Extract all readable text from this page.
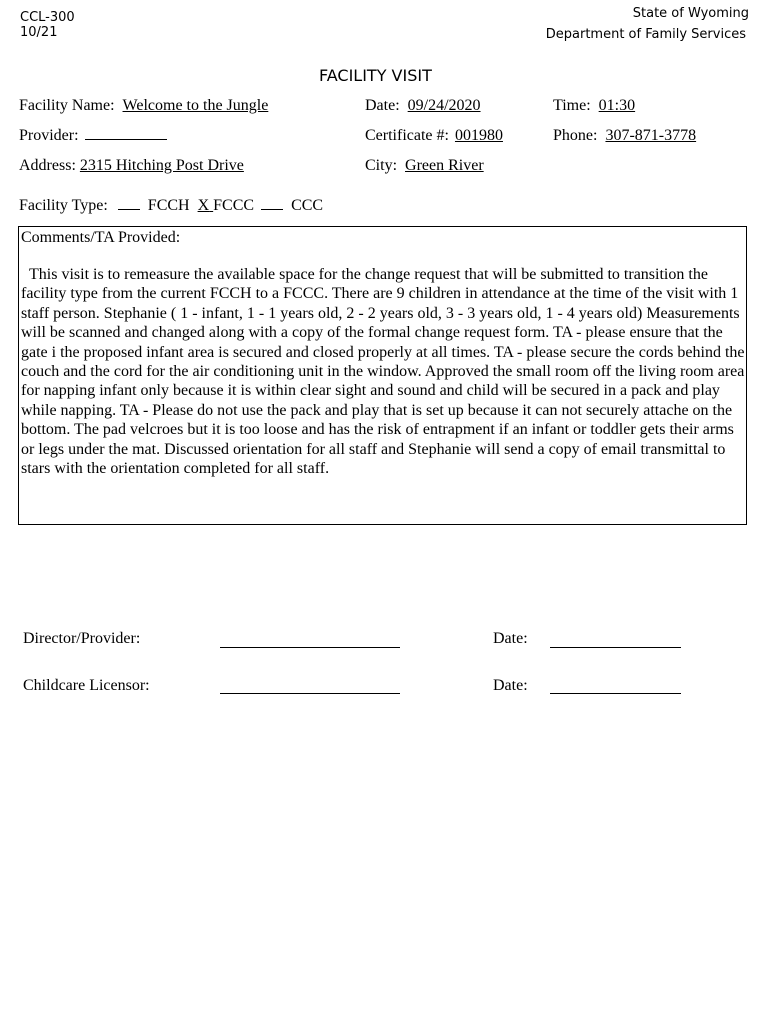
CCL-300
10/21
State of Wyoming
Department of Family Services
FACILITY VISIT
Facility Name: Welcome to the Jungle	Date: 09/24/2020	Time: 01:30
Provider:	Certificate #: 001980	Phone: 307-871-3778
Address: 2315 Hitching Post Drive	City: Green River
Facility Type:	FCCH X FCCC CCC
Comments/TA Provided:
This visit is to remeasure the available space for the change request that will be submitted to transition the facility type from the current FCCH to a FCCC. There are 9 children in attendance at the time of the visit with 1 staff person. Stephanie ( 1 - infant, 1 - 1 years old, 2 - 2 years old, 3 - 3 years old, 1 - 4 years old) Measurements will be scanned and changed along with a copy of the formal change request form. TA - please ensure that the gate i the proposed infant area is secured and closed properly at all times. TA - please secure the cords behind the couch and the cord for the air conditioning unit in the window. Approved the small room off the living room area for napping infant only because it is within clear sight and sound and child will be secured in a pack and play while napping. TA - Please do not use the pack and play that is set up because it can not securely attache on the bottom. The pad velcroes but it is too loose and has the risk of entrapment if an infant or toddler gets their arms or legs under the mat. Discussed orientation for all staff and Stephanie will send a copy of email transmittal to stars with the orientation completed for all staff.
Director/Provider:	Date:
Childcare Licensor:	Date:
